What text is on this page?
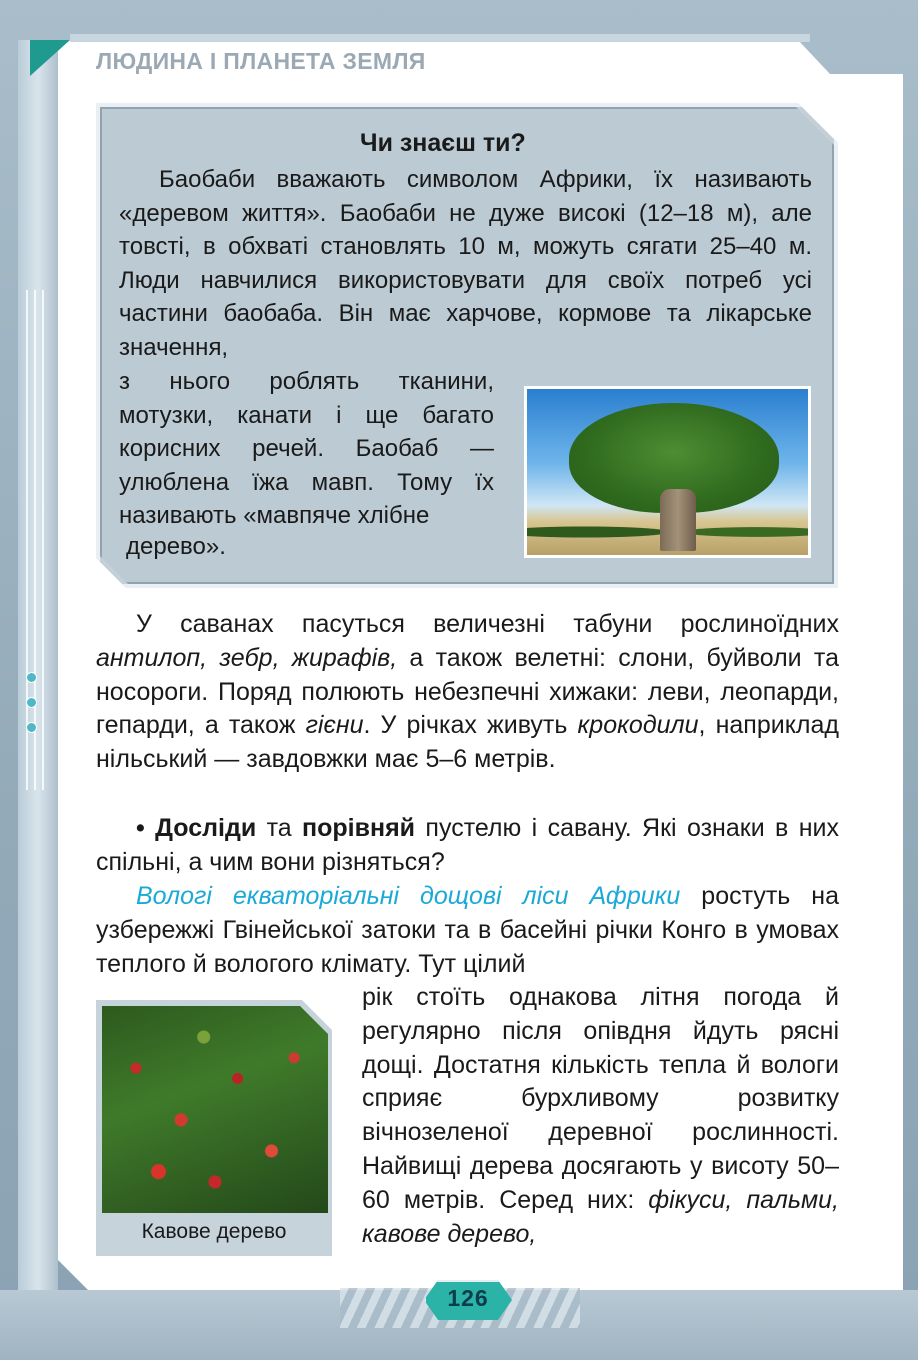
ЛЮДИНА І ПЛАНЕТА ЗЕМЛЯ
Чи знаєш ти?
Баобаби вважають символом Африки, їх називають «деревом життя». Баобаби не дуже високі (12–18 м), але товсті, в обхваті становлять 10 м, можуть сягати 25–40 м. Люди навчилися використовувати для своїх потреб усі частини баобаба. Він має харчове, кормове та лікарське значення,
з нього роблять тканини, мотузки, канати і ще багато корисних речей. Баобаб — улюблена їжа мавп. Тому їх називають «мавпяче хлібне
дерево».
У саванах пасуться величезні табуни рослиноїдних антилоп, зебр, жирафів, а також велетні: слони, буйволи та носороги. Поряд полюють небезпечні хижаки: леви, леопарди, гепарди, а також гієни. У річках живуть крокодили, наприклад нільський — завдовжки має 5–6 метрів.
• Досліди та порівняй пустелю і савану. Які ознаки в них спільні, а чим вони різняться?
Вологі екваторіальні дощові ліси Африки ростуть на узбережжі Гвінейської затоки та в басейні річки Конго в умовах теплого й вологого клімату. Тут цілий
рік стоїть однакова літня погода й регулярно після опівдня йдуть рясні дощі. Достатня кількість тепла й вологи сприяє бурхливому розвитку вічнозеленої деревної рослинності. Найвищі дерева досягають у висоту 50–60 метрів. Серед них: фікуси, пальми, кавове дерево,
Кавове дерево
126
